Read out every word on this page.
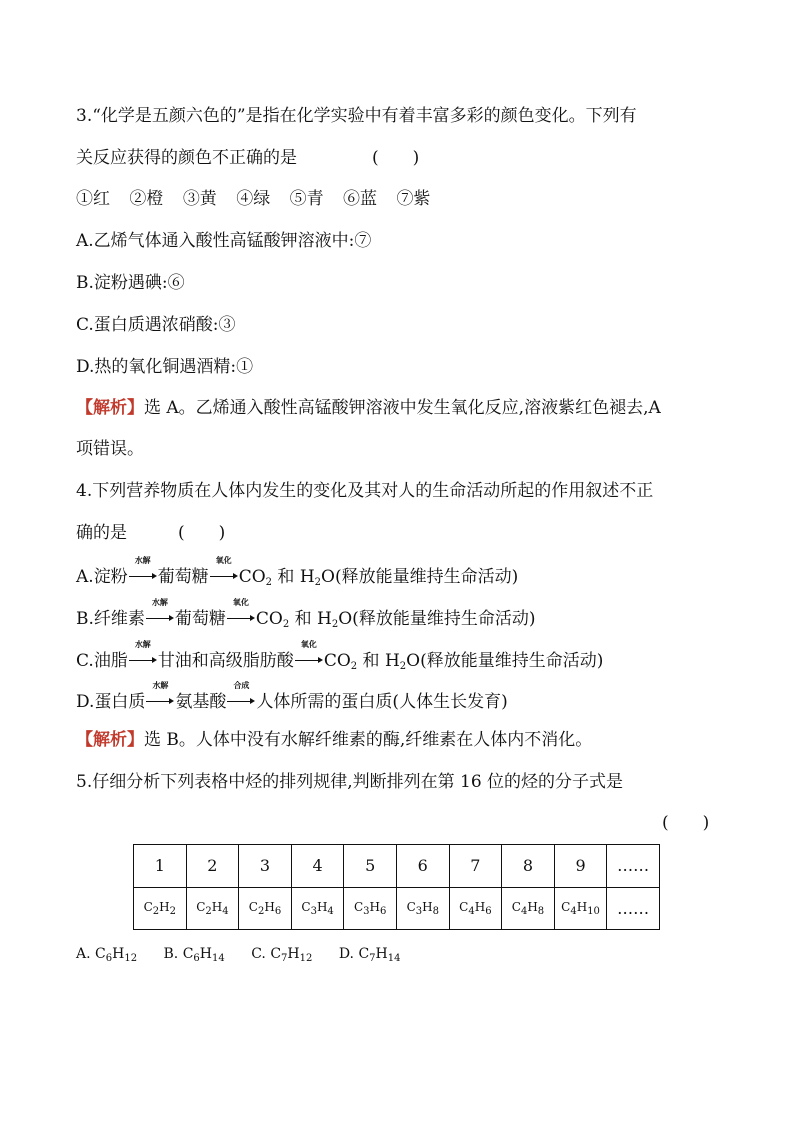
3.“化学是五颜六色的”是指在化学实验中有着丰富多彩的颜色变化。下列有
关反应获得的颜色不正确的是	(　　)
①红 ②橙 ③黄 ④绿 ⑤青 ⑥蓝 ⑦紫
A.乙烯气体通入酸性高锰酸钾溶液中:⑦
B.淀粉遇碘:⑥
C.蛋白质遇浓硝酸:③
D.热的氧化铜遇酒精:①
【解析】选 A。乙烯通入酸性高锰酸钾溶液中发生氧化反应,溶液紫红色褪去,A
项错误。
4.下列营养物质在人体内发生的变化及其对人的生命活动所起的作用叙述不正
确的是	(　　)
A.淀粉
水解
葡萄糖
氧化
$CO_2$ 和 $H_2O$(释放能量维持生命活动)
B.纤维素
水解
葡萄糖
氧化
$CO_2$ 和 $H_2O$(释放能量维持生命活动)
C.油脂
水解
甘油和高级脂肪酸
氧化
$CO_2$ 和 $H_2O$(释放能量维持生命活动)
D.蛋白质
水解
氨基酸
合成
人体所需的蛋白质(人体生长发育)
【解析】选 B。人体中没有水解纤维素的酶,纤维素在人体内不消化。
5.仔细分析下列表格中烃的排列规律,判断排列在第 16 位的烃的分子式是
(　　)
1	2	3	4	5	6	7	8	9	……
$C_2H_2$	$C_2H_4$	$C_2H_6$	$C_3H_4$	$C_3H_6$	$C_3H_8$	$C_4H_6$	$C_4H_8$	$C_4H_{10}$	……
A. $C_6H_{12}$ B. $C_6H_{14}$ C. $C_7H_{12}$ D. $C_7H_{14}$
